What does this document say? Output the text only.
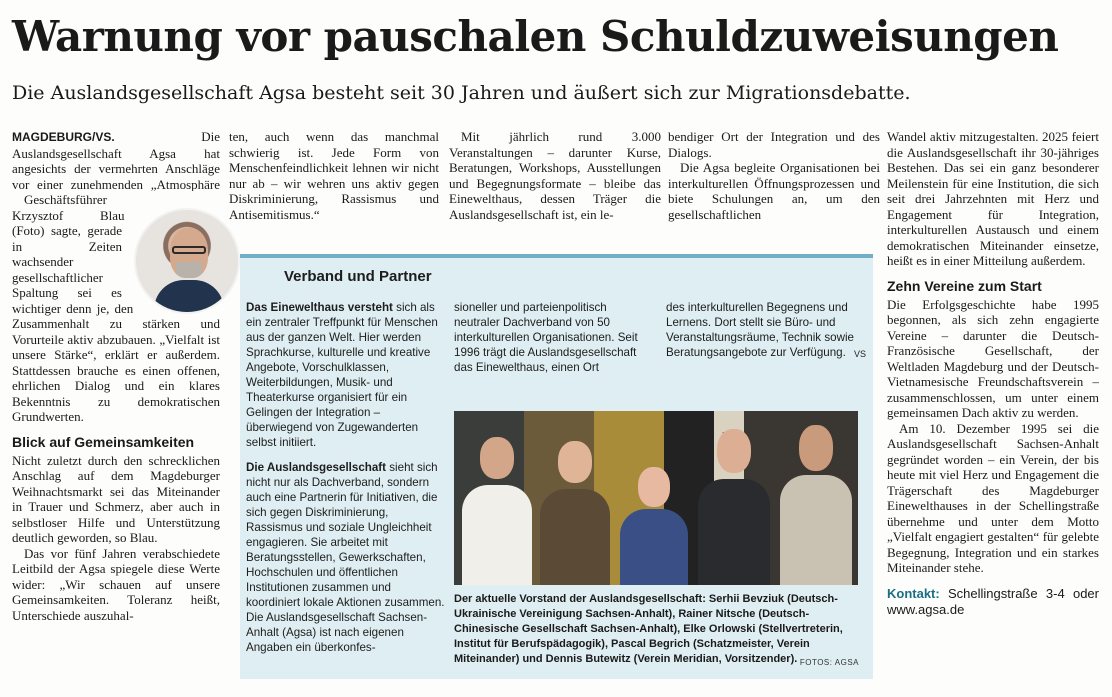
Warnung vor pauschalen Schuldzuweisungen
Die Auslandsgesellschaft Agsa besteht seit 30 Jahren und äußert sich zur Migrationsdebatte.
MAGDEBURG/VS.	Die Auslandsgesellschaft Agsa hat angesichts der vermehrten Anschläge vor einer zunehmenden „Atmosphäre

Geschäftsführer Krzysztof Blau (Foto) sagte, gerade in Zeiten wachsender gesellschaftlicher Spaltung sei es wichtiger denn je, den Zusammenhalt zu stärken und Vorurteile aktiv abzubauen. „Vielfalt ist unsere Stärke“, erklärt er außerdem. Stattdessen brauche es einen offenen, ehrlichen Dialog und ein klares Bekenntnis zu demokratischen Grundwerten.

Blick auf Gemeinsamkeiten

Nicht zuletzt durch den schrecklichen Anschlag auf dem Magdeburger Weihnachtsmarkt sei das Miteinander in Trauer und Schmerz, aber auch in selbstloser Hilfe und Unterstützung deutlich geworden, so Blau.

Das vor fünf Jahren verabschiedete Leitbild der Agsa spiegele diese Werte wider: „Wir schauen auf unsere Gemeinsamkeiten. Toleranz heißt, Unterschiede auszuhal-

ten, auch wenn das manchmal schwierig ist. Jede Form von Menschenfeindlichkeit lehnen wir nicht nur ab – wir wehren uns aktiv gegen Diskriminierung, Rassismus und Antisemitismus.“

Mit jährlich rund 3.000 Veranstaltungen – darunter Kurse, Beratungen, Workshops, Ausstellungen und Begegnungsformate – bleibe das Einewelthaus, dessen Träger die Auslandsgesellschaft ist, ein le-

bendiger Ort der Integration und des Dialogs.

Die Agsa begleite Organisationen bei interkulturellen Öffnungsprozessen und biete Schulungen an, um den gesellschaftlichen

Wandel aktiv mitzugestalten. 2025 feiert die Auslandsgesellschaft ihr 30-jähriges Bestehen. Das sei ein ganz besonderer Meilenstein für eine Institution, die sich seit drei Jahrzehnten mit Herz und Engagement für Integration, interkulturellen Austausch und einem demokratischen Miteinander einsetze, heißt es in einer Mitteilung außerdem.

Zehn Vereine zum Start

Die Erfolgsgeschichte habe 1995 begonnen, als sich zehn engagierte Vereine – darunter die Deutsch-Französische Gesellschaft, der Weltladen Magdeburg und der Deutsch-Vietnamesische Freundschaftsverein – zusammenschlossen, um unter einem gemeinsamen Dach aktiv zu werden.

Am 10. Dezember 1995 sei die Auslandsgesellschaft Sachsen-Anhalt gegründet worden – ein Verein, der bis heute mit viel Herz und Engagement die Trägerschaft des Magdeburger Einewelthauses in der Schellingstraße übernehme und unter dem Motto „Vielfalt engagiert gestalten“ für gelebte Begegnung, Integration und ein starkes Miteinander stehe.

Kontakt: Schellingstraße 3-4 oder www.agsa.de
Verband und Partner

Das Einewelthaus versteht sich als ein zentraler Treffpunkt für Menschen aus der ganzen Welt. Hier werden Sprachkurse, kulturelle und kreative Angebote, Vorschulklassen, Weiterbildungen, Musik- und Theaterkurse organisiert für ein Gelingen der Integration – überwiegend von Zugewanderten selbst initiiert.

Die Auslandsgesellschaft sieht sich nicht nur als Dachverband, sondern auch eine Partnerin für Initiativen, die sich gegen Diskriminierung, Rassismus und soziale Ungleichheit engagieren. Sie arbeitet mit Beratungsstellen, Gewerkschaften, Hochschulen und öffentlichen Institutionen zusammen und koordiniert lokale Aktionen zusammen. Die Auslandsgesellschaft Sachsen-Anhalt (Agsa) ist nach eigenen Angaben ein überkonfes-

sioneller und parteienpolitisch neutraler Dachverband von 50 interkulturellen Organisationen. Seit 1996 trägt die Auslandsgesellschaft das Einewelthaus, einen Ort

des interkulturellen Begegnens und Lernens. Dort stellt sie Büro- und Veranstaltungsräume, Technik sowie Beratungsangebote zur Verfügung. VS

Der aktuelle Vorstand der Auslandsgesellschaft: Serhii Bevziuk (Deutsch-Ukrainische Vereinigung Sachsen-Anhalt), Rainer Nitsche (Deutsch-Chinesische Gesellschaft Sachsen-Anhalt), Elke Orlowski (Stellvertreterin, Institut für Berufspädagogik), Pascal Begrich (Schatzmeister, Verein Miteinander) und Dennis Butewitz (Verein Meridian, Vorsitzender). FOTOS: AGSA
